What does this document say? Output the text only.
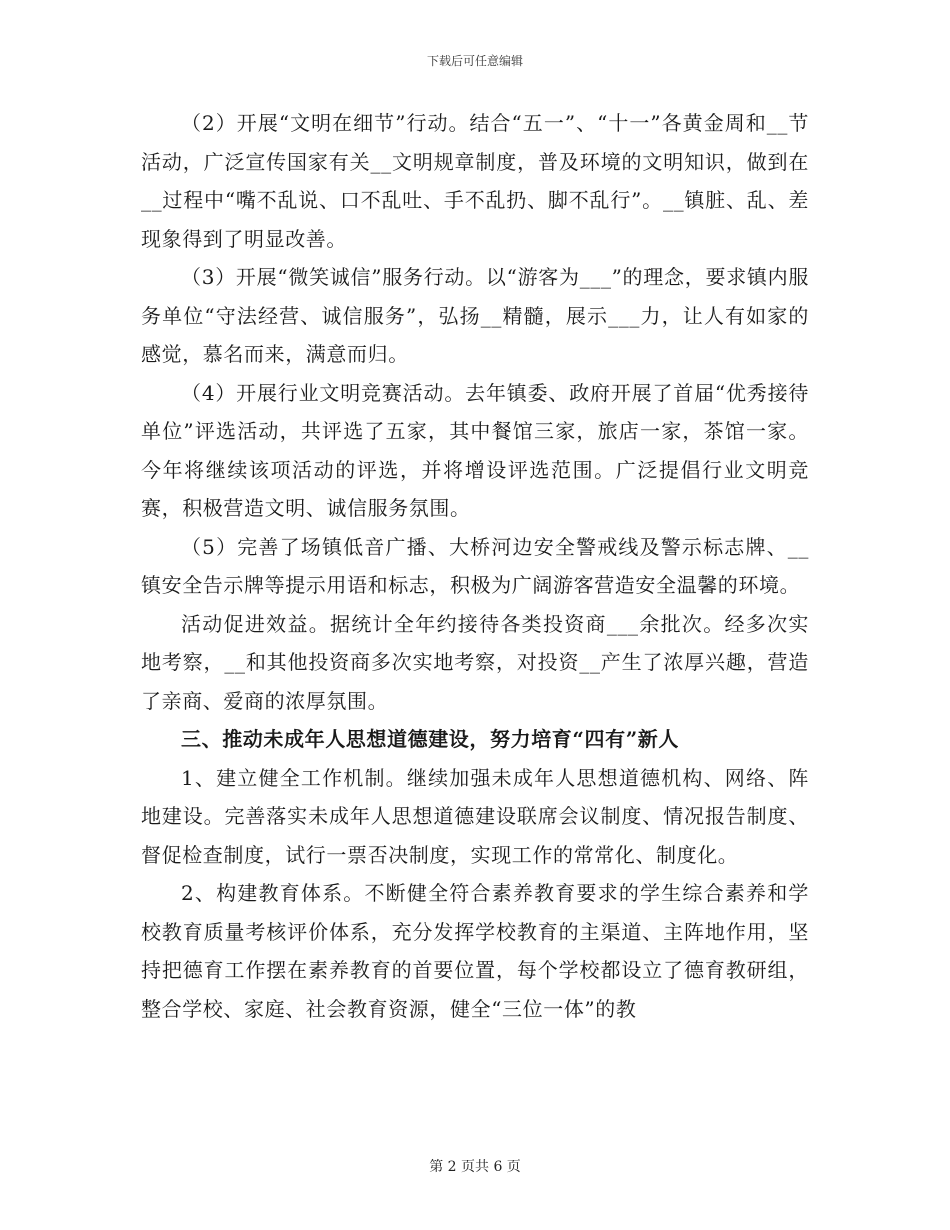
下载后可任意编辑

（2）开展“文明在细节”行动。结合“五一”、“十一”各黄金周和__节活动，广泛宣传国家有关__文明规章制度，普及环境的文明知识，做到在__过程中“嘴不乱说、口不乱吐、手不乱扔、脚不乱行”。__镇脏、乱、差现象得到了明显改善。

（3）开展“微笑诚信”服务行动。以“游客为___”的理念，要求镇内服务单位“守法经营、诚信服务”，弘扬__精髓，展示___力，让人有如家的感觉，慕名而来，满意而归。

（4）开展行业文明竞赛活动。去年镇委、政府开展了首届“优秀接待单位”评选活动，共评选了五家，其中餐馆三家，旅店一家，茶馆一家。今年将继续该项活动的评选，并将增设评选范围。广泛提倡行业文明竞赛，积极营造文明、诚信服务氛围。

（5）完善了场镇低音广播、大桥河边安全警戒线及警示标志牌、__镇安全告示牌等提示用语和标志，积极为广阔游客营造安全温馨的环境。

活动促进效益。据统计全年约接待各类投资商___余批次。经多次实地考察，__和其他投资商多次实地考察，对投资__产生了浓厚兴趣，营造了亲商、爱商的浓厚氛围。

三、推动未成年人思想道德建设，努力培育“四有”新人

1、建立健全工作机制。继续加强未成年人思想道德机构、网络、阵地建设。完善落实未成年人思想道德建设联席会议制度、情况报告制度、督促检查制度，试行一票否决制度，实现工作的常常化、制度化。

2、构建教育体系。不断健全符合素养教育要求的学生综合素养和学校教育质量考核评价体系，充分发挥学校教育的主渠道、主阵地作用，坚持把德育工作摆在素养教育的首要位置，每个学校都设立了德育教研组，整合学校、家庭、社会教育资源，健全“三位一体”的教

第 2 页共 6 页
